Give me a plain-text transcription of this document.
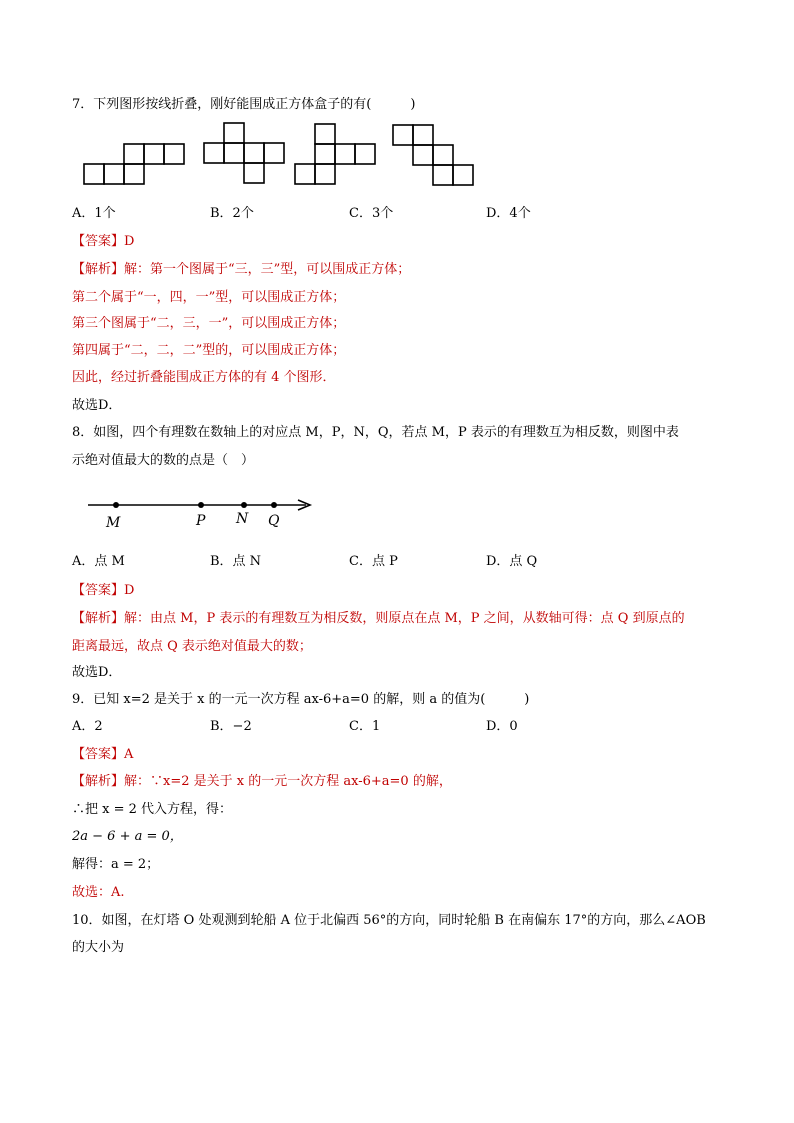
7．下列图形按线折叠，刚好能围成正方体盒子的有(　　　)
A．1个	B．2个	C．3个	D．4个
【答案】D
【解析】解：第一个图属于“三，三”型，可以围成正方体；
第二个属于“一，四，一”型，可以围成正方体；
第三个图属于“二，三，一”，可以围成正方体；
第四属于“二，二，二”型的，可以围成正方体；
因此，经过折叠能围成正方体的有 4 个图形．
故选D．
8．如图，四个有理数在数轴上的对应点 M，P，N，Q，若点 M，P 表示的有理数互为相反数，则图中表
示绝对值最大的数的点是（　）
M	P N Q
A．点 M	B．点 N	C．点 P	D．点 Q
【答案】D
【解析】解：由点 M，P 表示的有理数互为相反数，则原点在点 M，P 之间，从数轴可得：点 Q 到原点的
距离最远，故点 Q 表示绝对值最大的数；
故选D．
9．已知 x=2 是关于 x 的一元一次方程 ax-6+a=0 的解，则 a 的值为(　　　)
A．2	B．−2	C．1	D．0
【答案】A
【解析】解：∵x=2 是关于 x 的一元一次方程 ax-6+a=0 的解，
∴把 x = 2 代入方程，得：
2a − 6 + a = 0，
解得：a = 2；
故选：A.
10．如图，在灯塔 O 处观测到轮船 A 位于北偏西 56°的方向，同时轮船 B 在南偏东 17°的方向，那么∠AOB
的大小为
